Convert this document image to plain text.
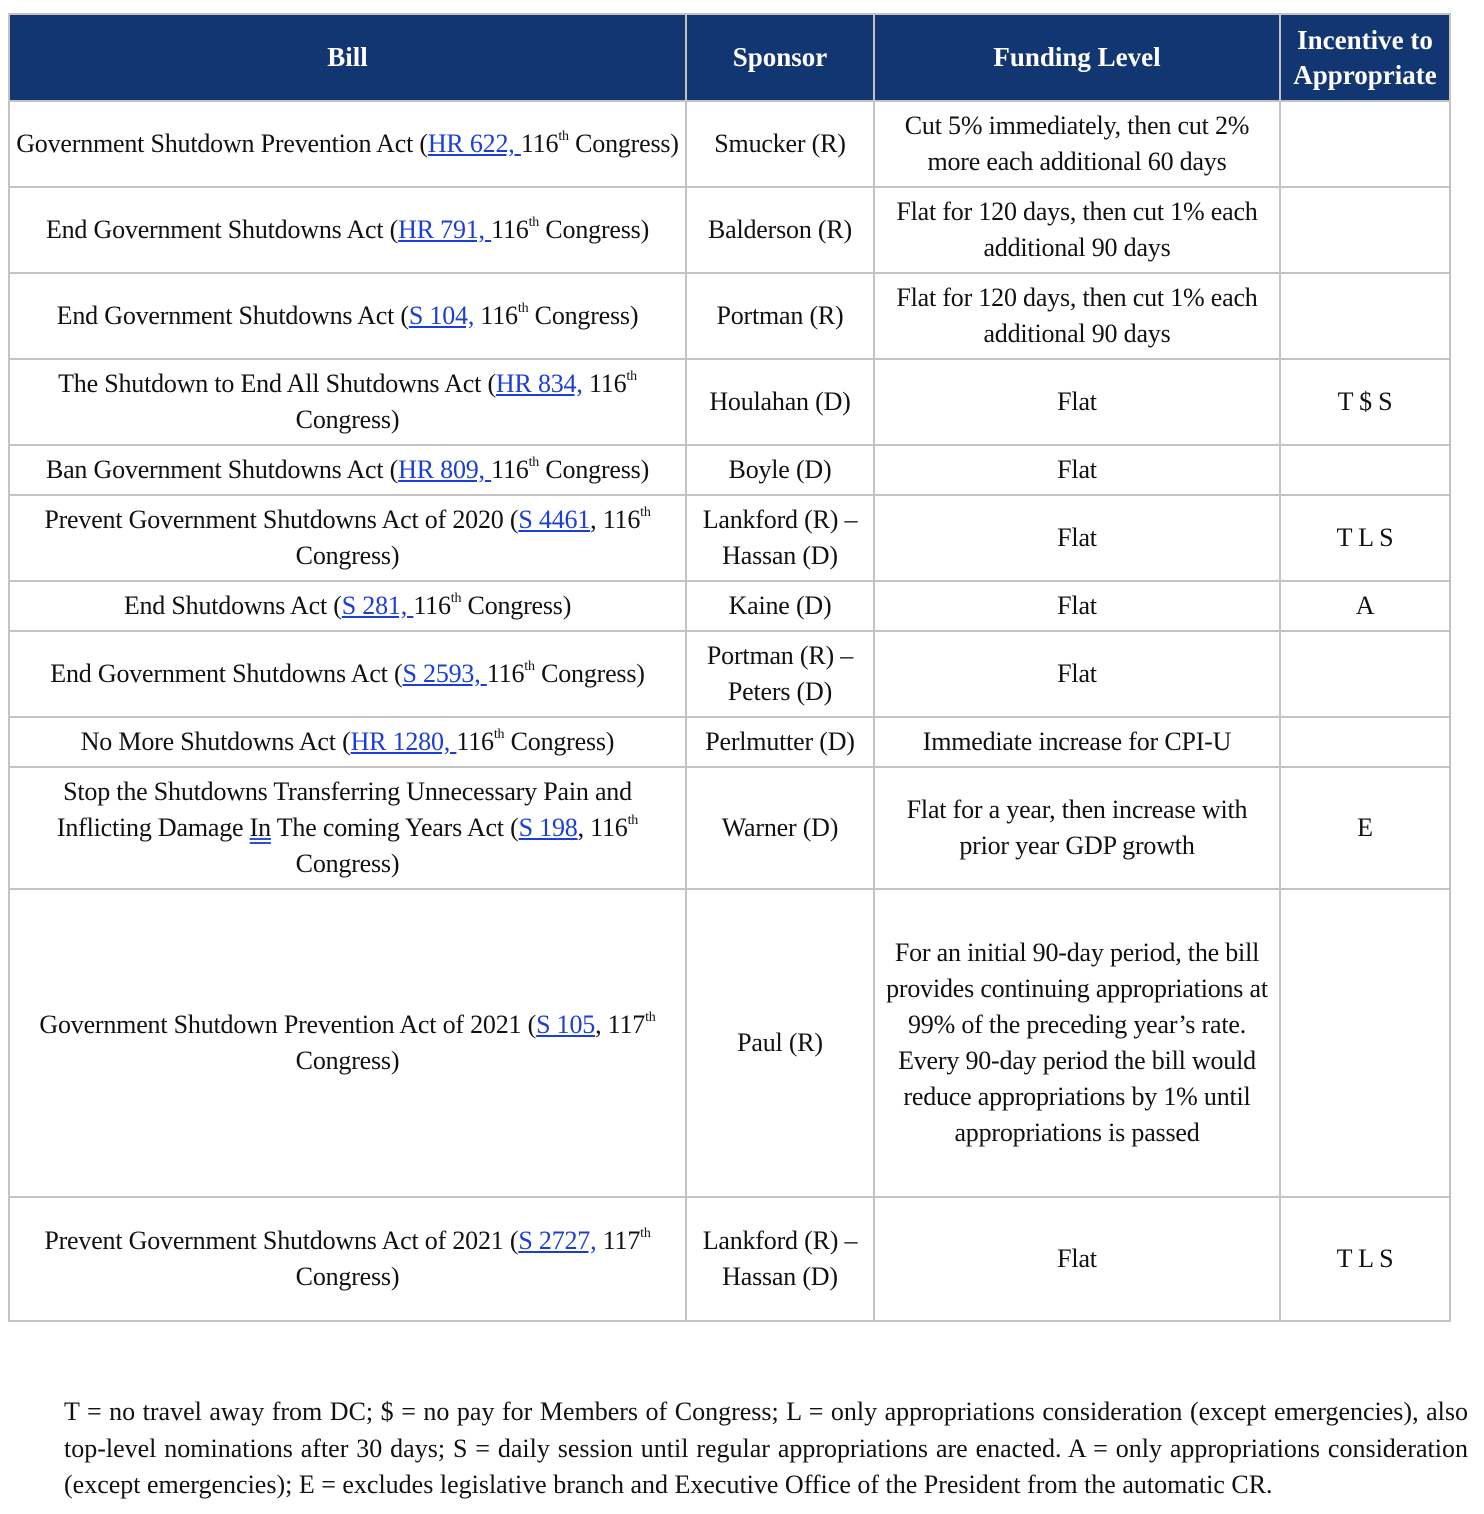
Bill	Sponsor	Funding Level	Incentive to Appropriate
Government Shutdown Prevention Act (HR 622, 116th Congress)	Smucker (R)	Cut 5% immediately, then cut 2% more each additional 60 days	
End Government Shutdowns Act (HR 791, 116th Congress)	Balderson (R)	Flat for 120 days, then cut 1% each additional 90 days	
End Government Shutdowns Act (S 104, 116th Congress)	Portman (R)	Flat for 120 days, then cut 1% each additional 90 days	
The Shutdown to End All Shutdowns Act (HR 834, 116th Congress)	Houlahan (D)	Flat	T $ S
Ban Government Shutdowns Act (HR 809, 116th Congress)	Boyle (D)	Flat	
Prevent Government Shutdowns Act of 2020 (S 4461, 116th Congress)	Lankford (R) – Hassan (D)	Flat	T L S
End Shutdowns Act (S 281, 116th Congress)	Kaine (D)	Flat	A
End Government Shutdowns Act (S 2593, 116th Congress)	Portman (R) – Peters (D)	Flat	
No More Shutdowns Act (HR 1280, 116th Congress)	Perlmutter (D)	Immediate increase for CPI-U	
Stop the Shutdowns Transferring Unnecessary Pain and Inflicting Damage In The coming Years Act (S 198, 116th Congress)	Warner (D)	Flat for a year, then increase with prior year GDP growth	E
Government Shutdown Prevention Act of 2021 (S 105, 117th Congress)	Paul (R)	For an initial 90-day period, the bill provides continuing appropriations at 99% of the preceding year’s rate. Every 90-day period the bill would reduce appropriations by 1% until appropriations is passed	
Prevent Government Shutdowns Act of 2021 (S 2727, 117th Congress)	Lankford (R) – Hassan (D)	Flat	T L S

T = no travel away from DC; $ = no pay for Members of Congress; L = only appropriations consideration (except emergencies), also top-level nominations after 30 days; S = daily session until regular appropriations are enacted. A = only appropriations consideration (except emergencies); E = excludes legislative branch and Executive Office of the President from the automatic CR.
